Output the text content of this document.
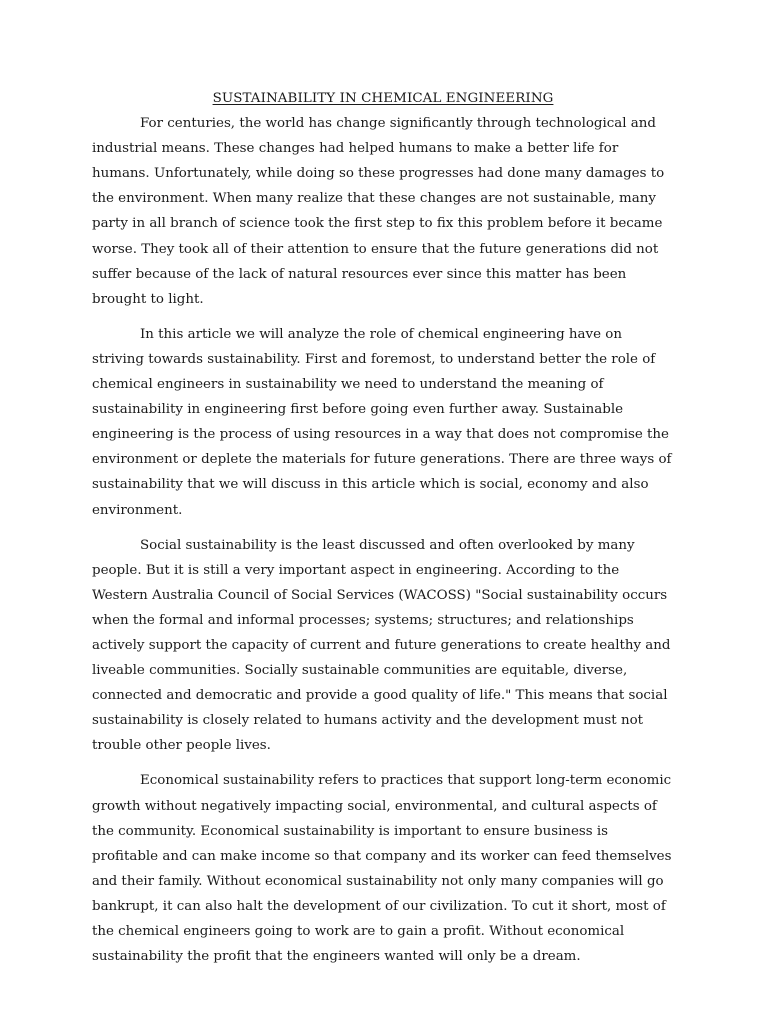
SUSTAINABILITY IN CHEMICAL ENGINEERING

For centuries, the world has change significantly through technological and industrial means. These changes had helped humans to make a better life for humans. Unfortunately, while doing so these progresses had done many damages to the environment. When many realize that these changes are not sustainable, many party in all branch of science took the first step to fix this problem before it became worse. They took all of their attention to ensure that the future generations did not suffer because of the lack of natural resources ever since this matter has been brought to light.

In this article we will analyze the role of chemical engineering have on striving towards sustainability. First and foremost, to understand better the role of chemical engineers in sustainability we need to understand the meaning of sustainability in engineering first before going even further away. Sustainable engineering is the process of using resources in a way that does not compromise the environment or deplete the materials for future generations. There are three ways of sustainability that we will discuss in this article which is social, economy and also environment.

Social sustainability is the least discussed and often overlooked by many people. But it is still a very important aspect in engineering. According to the Western Australia Council of Social Services (WACOSS) "Social sustainability occurs when the formal and informal processes; systems; structures; and relationships actively support the capacity of current and future generations to create healthy and liveable communities. Socially sustainable communities are equitable, diverse, connected and democratic and provide a good quality of life." This means that social sustainability is closely related to humans activity and the development must not trouble other people lives.

Economical sustainability refers to practices that support long-term economic growth without negatively impacting social, environmental, and cultural aspects of the community. Economical sustainability is important to ensure business is profitable and can make income so that company and its worker can feed themselves and their family. Without economical sustainability not only many companies will go bankrupt, it can also halt the development of our civilization. To cut it short, most of the chemical engineers going to work are to gain a profit. Without economical sustainability the profit that the engineers wanted will only be a dream.
